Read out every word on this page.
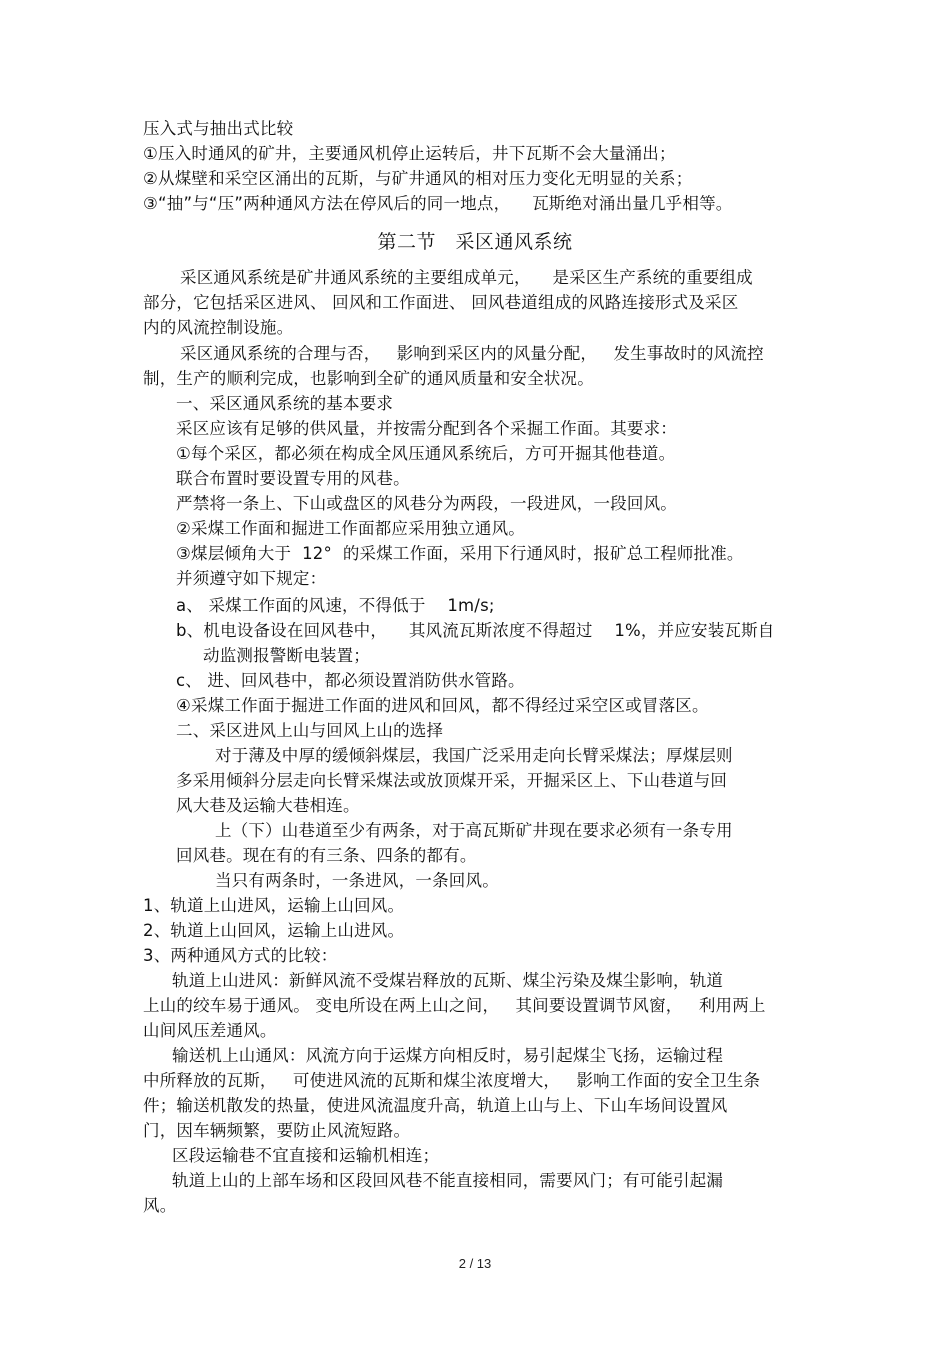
压入式与抽出式比较
①压入时通风的矿井，主要通风机停止运转后，井下瓦斯不会大量涌出；
②从煤壁和采空区涌出的瓦斯，与矿井通风的相对压力变化无明显的关系；
③“抽”与“压”两种通风方法在停风后的同一地点，    瓦斯绝对涌出量几乎相等。
第二节   采区通风系统
采区通风系统是矿井通风系统的主要组成单元，    是采区生产系统的重要组成
部分，它包括采区进风、 回风和工作面进、 回风巷道组成的风路连接形式及采区
内的风流控制设施。
采区通风系统的合理与否，   影响到采区内的风量分配，   发生事故时的风流控
制，生产的顺利完成，也影响到全矿的通风质量和安全状况。
一、采区通风系统的基本要求
采区应该有足够的供风量，并按需分配到各个采掘工作面。其要求：
①每个采区，都必须在构成全风压通风系统后，方可开掘其他巷道。
联合布置时要设置专用的风巷。
严禁将一条上、下山或盘区的风巷分为两段，一段进风，一段回风。
②采煤工作面和掘进工作面都应采用独立通风。
③煤层倾角大于  12°  的采煤工作面，采用下行通风时，报矿总工程师批准。
并须遵守如下规定：
a、 采煤工作面的风速，不得低于    1m/s;
b、机电设备设在回风巷中，    其风流瓦斯浓度不得超过    1%，并应安装瓦斯自
动监测报警断电装置；
c、 进、回风巷中，都必须设置消防供水管路。
④采煤工作面于掘进工作面的进风和回风，都不得经过采空区或冒落区。
二、采区进风上山与回风上山的选择
对于薄及中厚的缓倾斜煤层，我国广泛采用走向长臂采煤法；厚煤层则
多采用倾斜分层走向长臂采煤法或放顶煤开采，开掘采区上、下山巷道与回
风大巷及运输大巷相连。
上（下）山巷道至少有两条，对于高瓦斯矿井现在要求必须有一条专用
回风巷。现在有的有三条、四条的都有。
当只有两条时，一条进风，一条回风。
1、轨道上山进风，运输上山回风。
2、轨道上山回风，运输上山进风。
3、两种通风方式的比较：
轨道上山进风：新鲜风流不受煤岩释放的瓦斯、煤尘污染及煤尘影响，轨道
上山的绞车易于通风。 变电所设在两上山之间，   其间要设置调节风窗，   利用两上
山间风压差通风。
输送机上山通风：风流方向于运煤方向相反时，易引起煤尘飞扬，运输过程
中所释放的瓦斯，   可使进风流的瓦斯和煤尘浓度增大，   影响工作面的安全卫生条
件；输送机散发的热量，使进风流温度升高，轨道上山与上、下山车场间设置风
门，因车辆频繁，要防止风流短路。
区段运输巷不宜直接和运输机相连；
轨道上山的上部车场和区段回风巷不能直接相同，需要风门；有可能引起漏
风。
2 / 13
